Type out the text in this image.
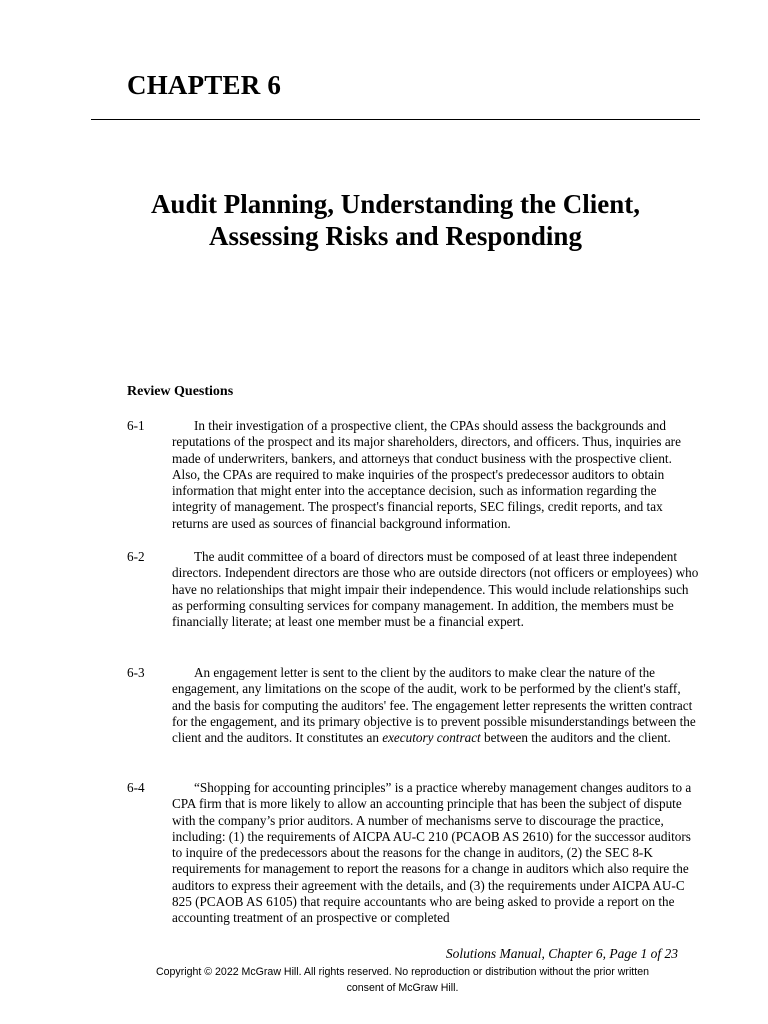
CHAPTER 6
Audit Planning, Understanding the Client,
Assessing Risks and Responding
Review Questions
6-1	In their investigation of a prospective client, the CPAs should assess the backgrounds and reputations of the prospect and its major shareholders, directors, and officers. Thus, inquiries are made of underwriters, bankers, and attorneys that conduct business with the prospective client. Also, the CPAs are required to make inquiries of the prospect's predecessor auditors to obtain information that might enter into the acceptance decision, such as information regarding the integrity of management. The prospect's financial reports, SEC filings, credit reports, and tax returns are used as sources of financial background information.
6-2	The audit committee of a board of directors must be composed of at least three independent directors. Independent directors are those who are outside directors (not officers or employees) who have no relationships that might impair their independence. This would include relationships such as performing consulting services for company management. In addition, the members must be financially literate; at least one member must be a financial expert.
6-3	An engagement letter is sent to the client by the auditors to make clear the nature of the engagement, any limitations on the scope of the audit, work to be performed by the client's staff, and the basis for computing the auditors' fee. The engagement letter represents the written contract for the engagement, and its primary objective is to prevent possible misunderstandings between the client and the auditors. It constitutes an executory contract between the auditors and the client.
6-4	“Shopping for accounting principles” is a practice whereby management changes auditors to a CPA firm that is more likely to allow an accounting principle that has been the subject of dispute with the company’s prior auditors. A number of mechanisms serve to discourage the practice, including: (1) the requirements of AICPA AU-C 210 (PCAOB AS 2610) for the successor auditors to inquire of the predecessors about the reasons for the change in auditors, (2) the SEC 8-K requirements for management to report the reasons for a change in auditors which also require the auditors to express their agreement with the details, and (3) the requirements under AICPA AU-C 825 (PCAOB AS 6105) that require accountants who are being asked to provide a report on the accounting treatment of an prospective or completed
Solutions Manual, Chapter 6, Page 1 of 23
Copyright © 2022 McGraw Hill. All rights reserved. No reproduction or distribution without the prior written consent of McGraw Hill.
